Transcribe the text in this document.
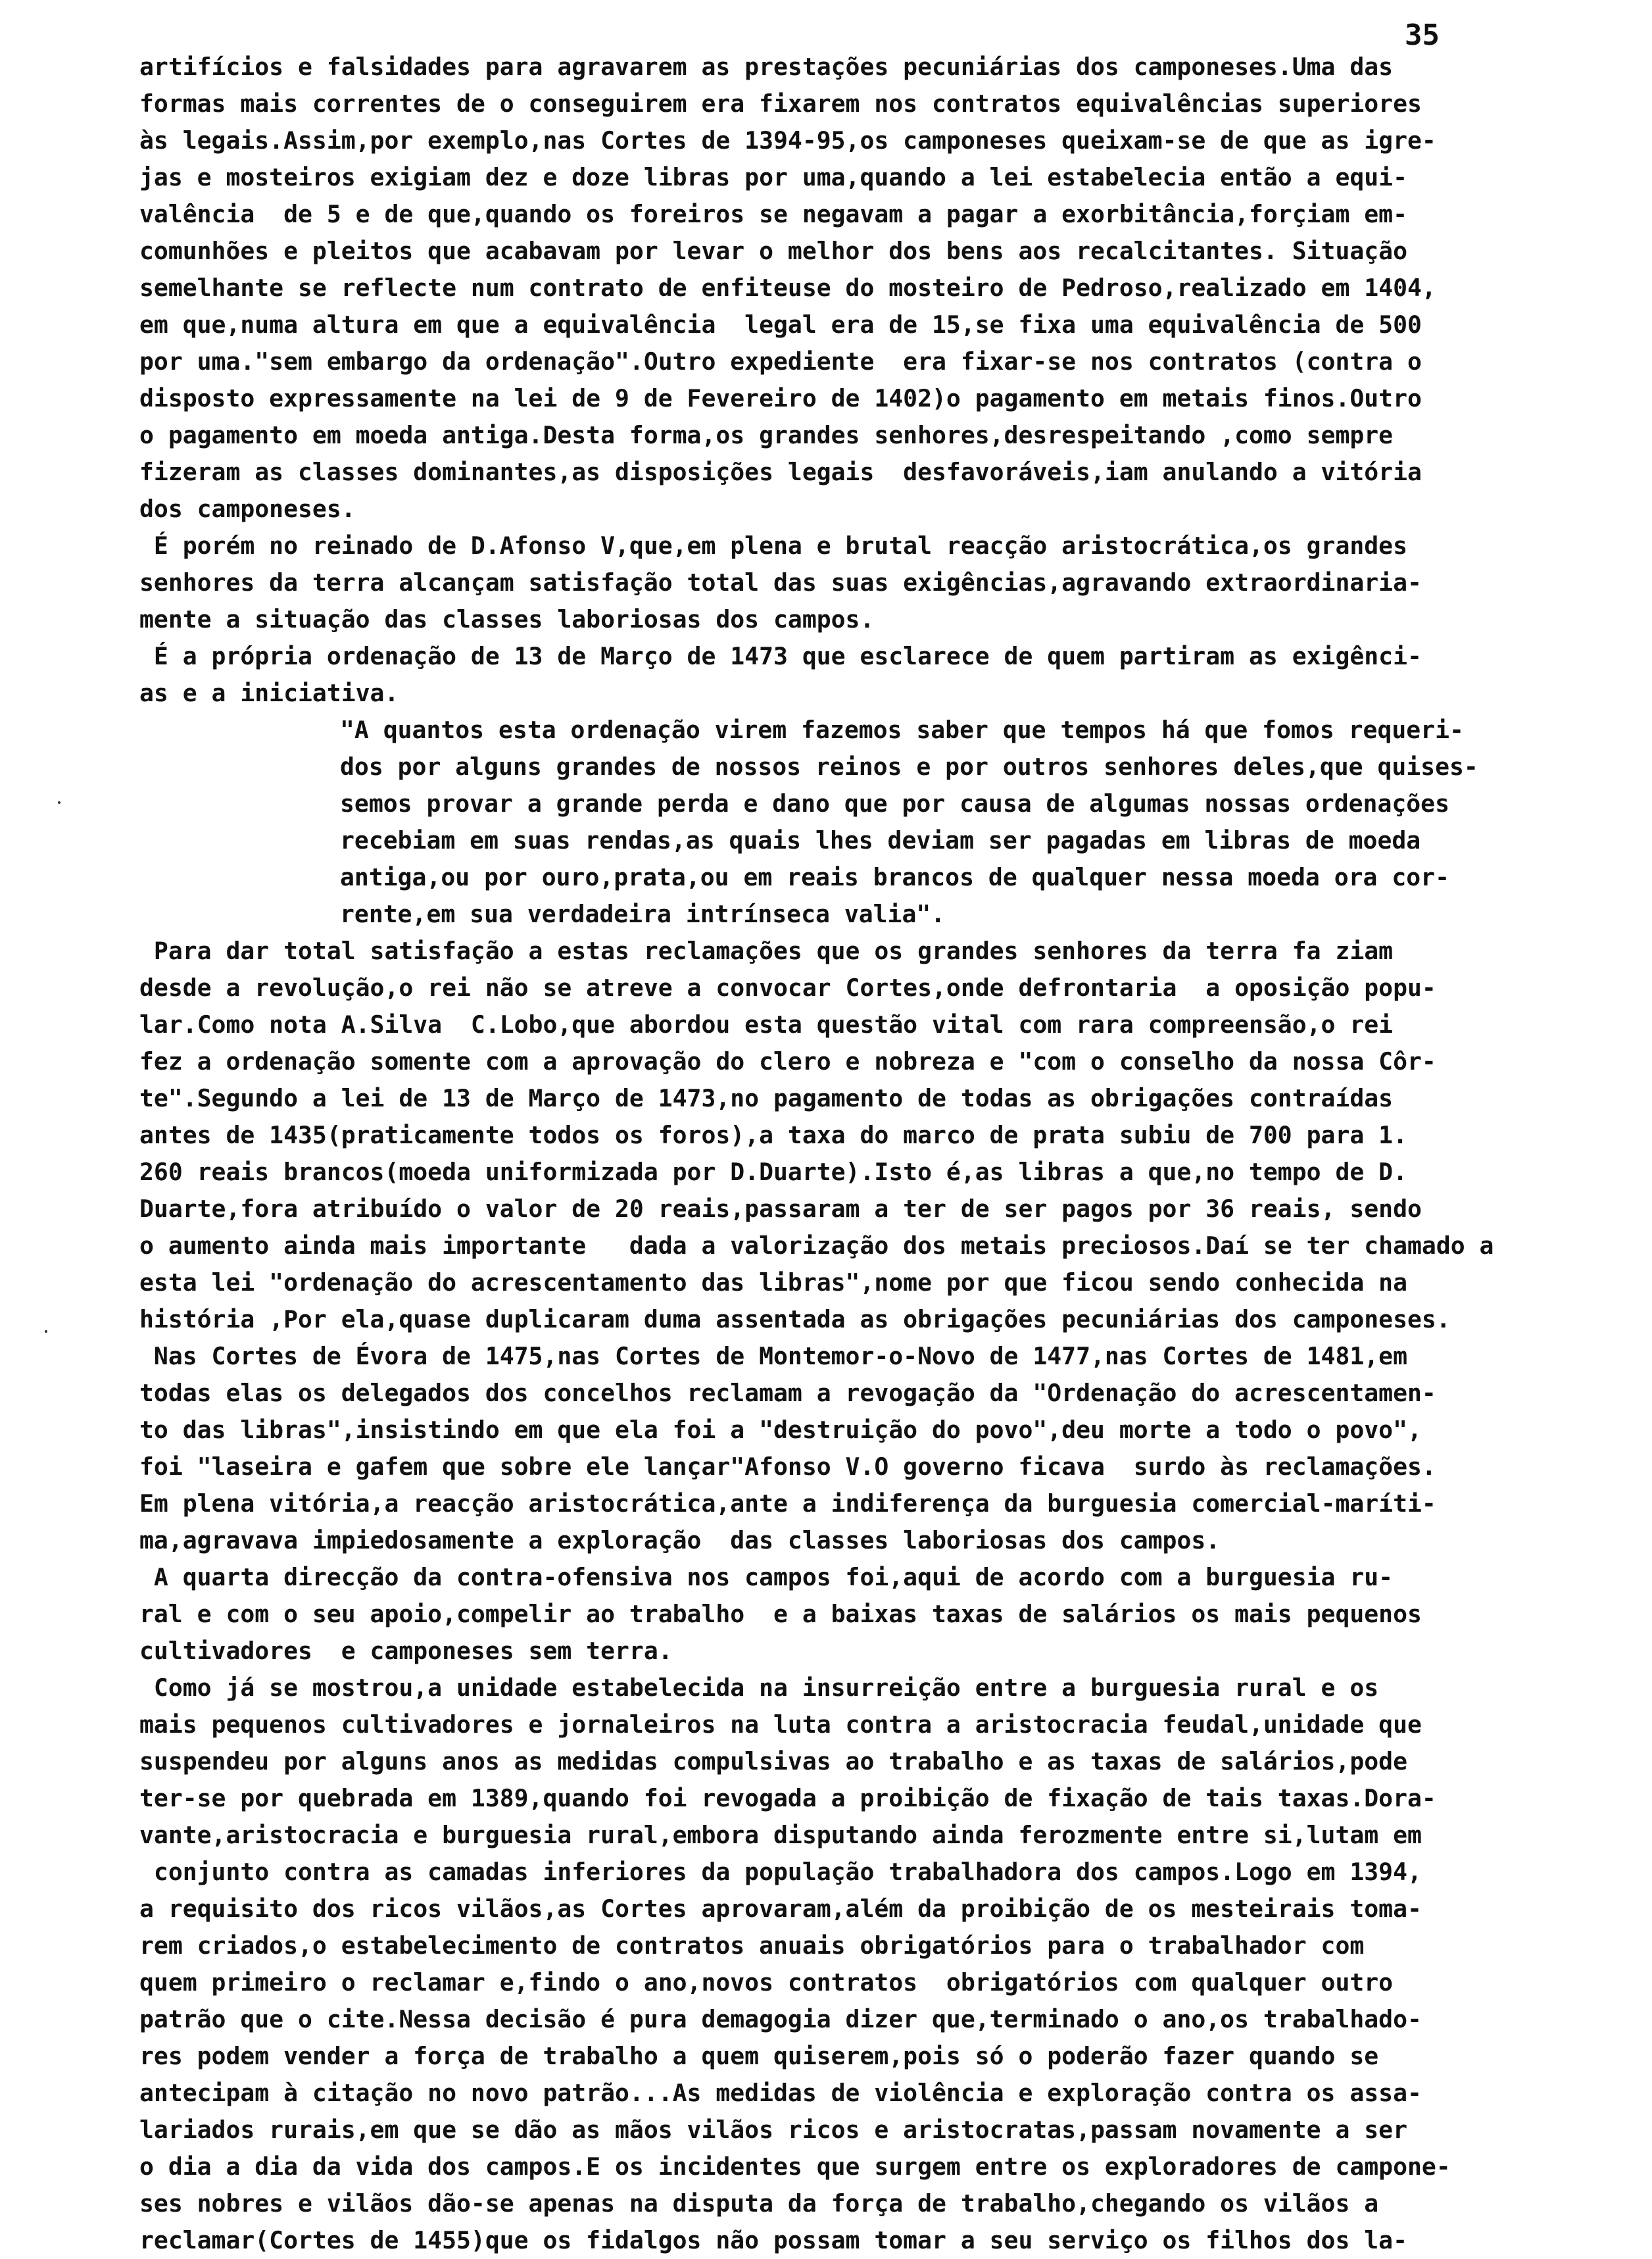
35
artifícios e falsidades para agravarem as prestações pecuniárias dos camponeses.Uma das
formas mais correntes de o conseguirem era fixarem nos contratos equivalências superiores
às legais.Assim,por exemplo,nas Cortes de 1394-95,os camponeses queixam-se de que as igre-
jas e mosteiros exigiam dez e doze libras por uma,quando a lei estabelecia então a equi-
valência  de 5 e de que,quando os foreiros se negavam a pagar a exorbitância,forçiam em-
comunhões e pleitos que acabavam por levar o melhor dos bens aos recalcitantes. Situação
semelhante se reflecte num contrato de enfiteuse do mosteiro de Pedroso,realizado em 1404,
em que,numa altura em que a equivalência  legal era de 15,se fixa uma equivalência de 500
por uma."sem embargo da ordenação".Outro expediente  era fixar-se nos contratos (contra o
disposto expressamente na lei de 9 de Fevereiro de 1402)o pagamento em metais finos.Outro
o pagamento em moeda antiga.Desta forma,os grandes senhores,desrespeitando ,como sempre
fizeram as classes dominantes,as disposições legais  desfavoráveis,iam anulando a vitória
dos camponeses.
É porém no reinado de D.Afonso V,que,em plena e brutal reacção aristocrática,os grandes
senhores da terra alcançam satisfação total das suas exigências,agravando extraordinaria-
mente a situação das classes laboriosas dos campos.
É a própria ordenação de 13 de Março de 1473 que esclarece de quem partiram as exigênci-
as e a iniciativa.
"A quantos esta ordenação virem fazemos saber que tempos há que fomos requeri-
dos por alguns grandes de nossos reinos e por outros senhores deles,que quises-
semos provar a grande perda e dano que por causa de algumas nossas ordenações
recebiam em suas rendas,as quais lhes deviam ser pagadas em libras de moeda
antiga,ou por ouro,prata,ou em reais brancos de qualquer nessa moeda ora cor-
rente,em sua verdadeira intrínseca valia".
Para dar total satisfação a estas reclamações que os grandes senhores da terra fa ziam
desde a revolução,o rei não se atreve a convocar Cortes,onde defrontaria  a oposição popu-
lar.Como nota A.Silva  C.Lobo,que abordou esta questão vital com rara compreensão,o rei
fez a ordenação somente com a aprovação do clero e nobreza e "com o conselho da nossa Côr-
te".Segundo a lei de 13 de Março de 1473,no pagamento de todas as obrigações contraídas
antes de 1435(praticamente todos os foros),a taxa do marco de prata subiu de 700 para 1.
260 reais brancos(moeda uniformizada por D.Duarte).Isto é,as libras a que,no tempo de D.
Duarte,fora atribuído o valor de 20 reais,passaram a ter de ser pagos por 36 reais, sendo
o aumento ainda mais importante   dada a valorização dos metais preciosos.Daí se ter chamado a
esta lei "ordenação do acrescentamento das libras",nome por que ficou sendo conhecida na
história ,Por ela,quase duplicaram duma assentada as obrigações pecuniárias dos camponeses.
Nas Cortes de Évora de 1475,nas Cortes de Montemor-o-Novo de 1477,nas Cortes de 1481,em
todas elas os delegados dos concelhos reclamam a revogação da "Ordenação do acrescentamen-
to das libras",insistindo em que ela foi a "destruição do povo",deu morte a todo o povo",
foi "laseira e gafem que sobre ele lançar"Afonso V.O governo ficava  surdo às reclamações.
Em plena vitória,a reacção aristocrática,ante a indiferença da burguesia comercial-maríti-
ma,agravava impiedosamente a exploração  das classes laboriosas dos campos.
A quarta direcção da contra-ofensiva nos campos foi,aqui de acordo com a burguesia ru-
ral e com o seu apoio,compelir ao trabalho  e a baixas taxas de salários os mais pequenos
cultivadores  e camponeses sem terra.
Como já se mostrou,a unidade estabelecida na insurreição entre a burguesia rural e os
mais pequenos cultivadores e jornaleiros na luta contra a aristocracia feudal,unidade que
suspendeu por alguns anos as medidas compulsivas ao trabalho e as taxas de salários,pode
ter-se por quebrada em 1389,quando foi revogada a proibição de fixação de tais taxas.Dora-
vante,aristocracia e burguesia rural,embora disputando ainda ferozmente entre si,lutam em
conjunto contra as camadas inferiores da população trabalhadora dos campos.Logo em 1394,
a requisito dos ricos vilãos,as Cortes aprovaram,além da proibição de os mesteirais toma-
rem criados,o estabelecimento de contratos anuais obrigatórios para o trabalhador com
quem primeiro o reclamar e,findo o ano,novos contratos  obrigatórios com qualquer outro
patrão que o cite.Nessa decisão é pura demagogia dizer que,terminado o ano,os trabalhado-
res podem vender a força de trabalho a quem quiserem,pois só o poderão fazer quando se
antecipam à citação no novo patrão...As medidas de violência e exploração contra os assa-
lariados rurais,em que se dão as mãos vilãos ricos e aristocratas,passam novamente a ser
o dia a dia da vida dos campos.E os incidentes que surgem entre os exploradores de campone-
ses nobres e vilãos dão-se apenas na disputa da força de trabalho,chegando os vilãos a
reclamar(Cortes de 1455)que os fidalgos não possam tomar a seu serviço os filhos dos la-
